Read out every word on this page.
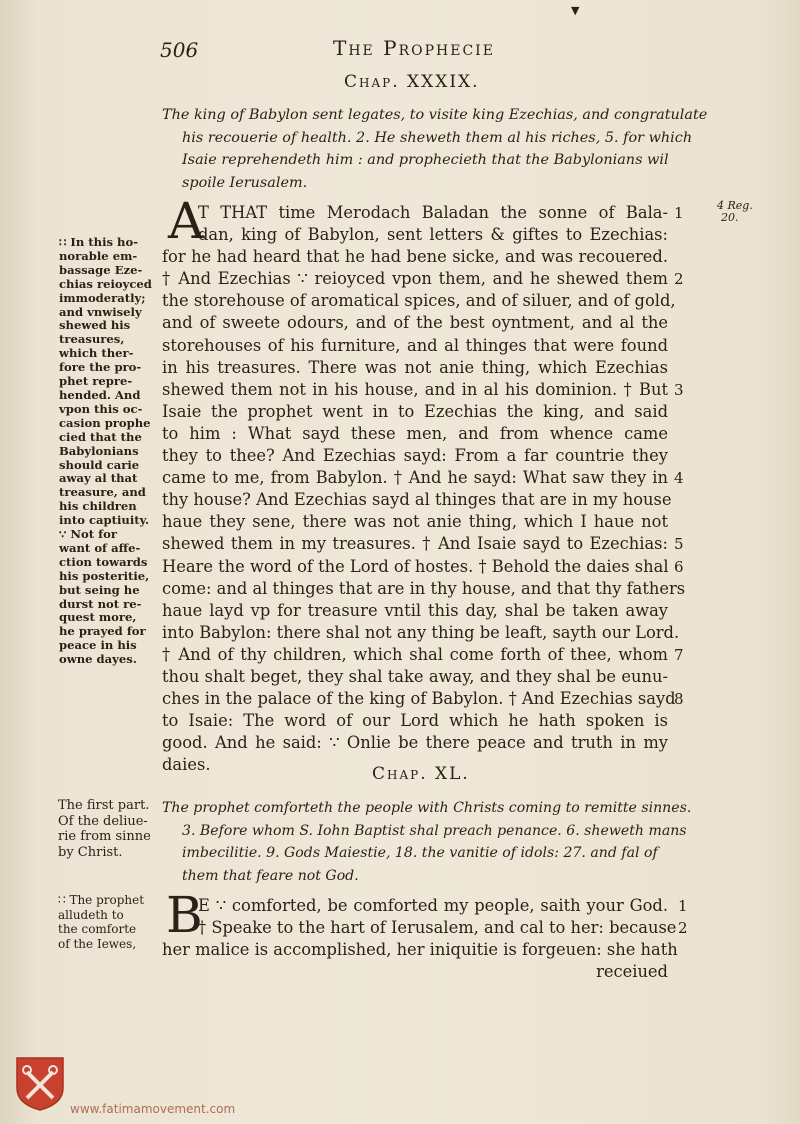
▼
506	The Prophecie
Chap. XXXIX.

The king of Babylon sent legates, to visite king Ezechias, and congratulate
his recouerie of health. 2. He sheweth them al his riches, 5. for which
Isaie reprehendeth him : and prophecieth that the Babylonians wil
spoile Ierusalem.

A

T THAT time Merodach Baladan the sonne of Bala-
dan, king of Babylon, sent letters & giftes to Ezechias:
for he had heard that he had bene sicke, and was recouered.
† And Ezechias ∵ reioyced vpon them, and he shewed them
the storehouse of aromatical spices, and of siluer, and of gold,
and of sweete odours, and of the best oyntment, and al the
storehouses of his furniture, and al thinges that were found
in his treasures. There was not anie thing, which Ezechias
shewed them not in his house, and in al his dominion. † But
Isaie the prophet went in to Ezechias the king, and said
to him : What sayd these men, and from whence came
they to thee? And Ezechias sayd: From a far countrie they
came to me, from Babylon. † And he sayd: What saw they in
thy house? And Ezechias sayd al thinges that are in my house
haue they sene, there was not anie thing, which I haue not
shewed them in my treasures. † And Isaie sayd to Ezechias:
Heare the word of the Lord of hostes. † Behold the daies shal
come: and al thinges that are in thy house, and that thy fathers
haue layd vp for treasure vntil this day, shal be taken away
into Babylon: there shal not any thing be leaft, sayth our Lord.
† And of thy children, which shal come forth of thee, whom
thou shalt beget, they shal take away, and they shal be eunu-
ches in the palace of the king of Babylon. † And Ezechias sayd
to Isaie: The word of our Lord which he hath spoken is
good. And he said: ∵ Onlie be there peace and truth in my
daies.

1
2
3
4
5
6
7
8
4 Reg.
20.

∷ In this ho-
norable em-
bassage Eze-
chias reioyced
immoderatly;
and vnwisely
shewed his
treasures,
which ther-
fore the pro-
phet repre-
hended. And
vpon this oc-
casion prophe
cied that the
Babylonians
should carie
away al that
treasure, and
his children
into captiuity.
∵ Not for
want of affe-
ction towards
his posteritie,
but seing he
durst not re-
quest more,
he prayed for
peace in his
owne dayes.

Chap. XL.

The first part.
Of the deliue-
rie from sinne
by Christ.

The prophet comforteth the people with Christs coming to remitte sinnes.
3. Before whom S. Iohn Baptist shal preach penance. 6. sheweth mans
imbecilitie. 9. Gods Maiestie, 18. the vanitie of idols: 27. and fal of
them that feare not God.

∷ The prophet
alludeth to
the comforte
of the Iewes, B

E ∵ comforted, be comforted my people, saith your God.
† Speake to the hart of Ierusalem, and cal to her: because
her malice is accomplished, her iniquitie is forgeuen: she hath
receiued

1
2
www.fatimamovement.com
